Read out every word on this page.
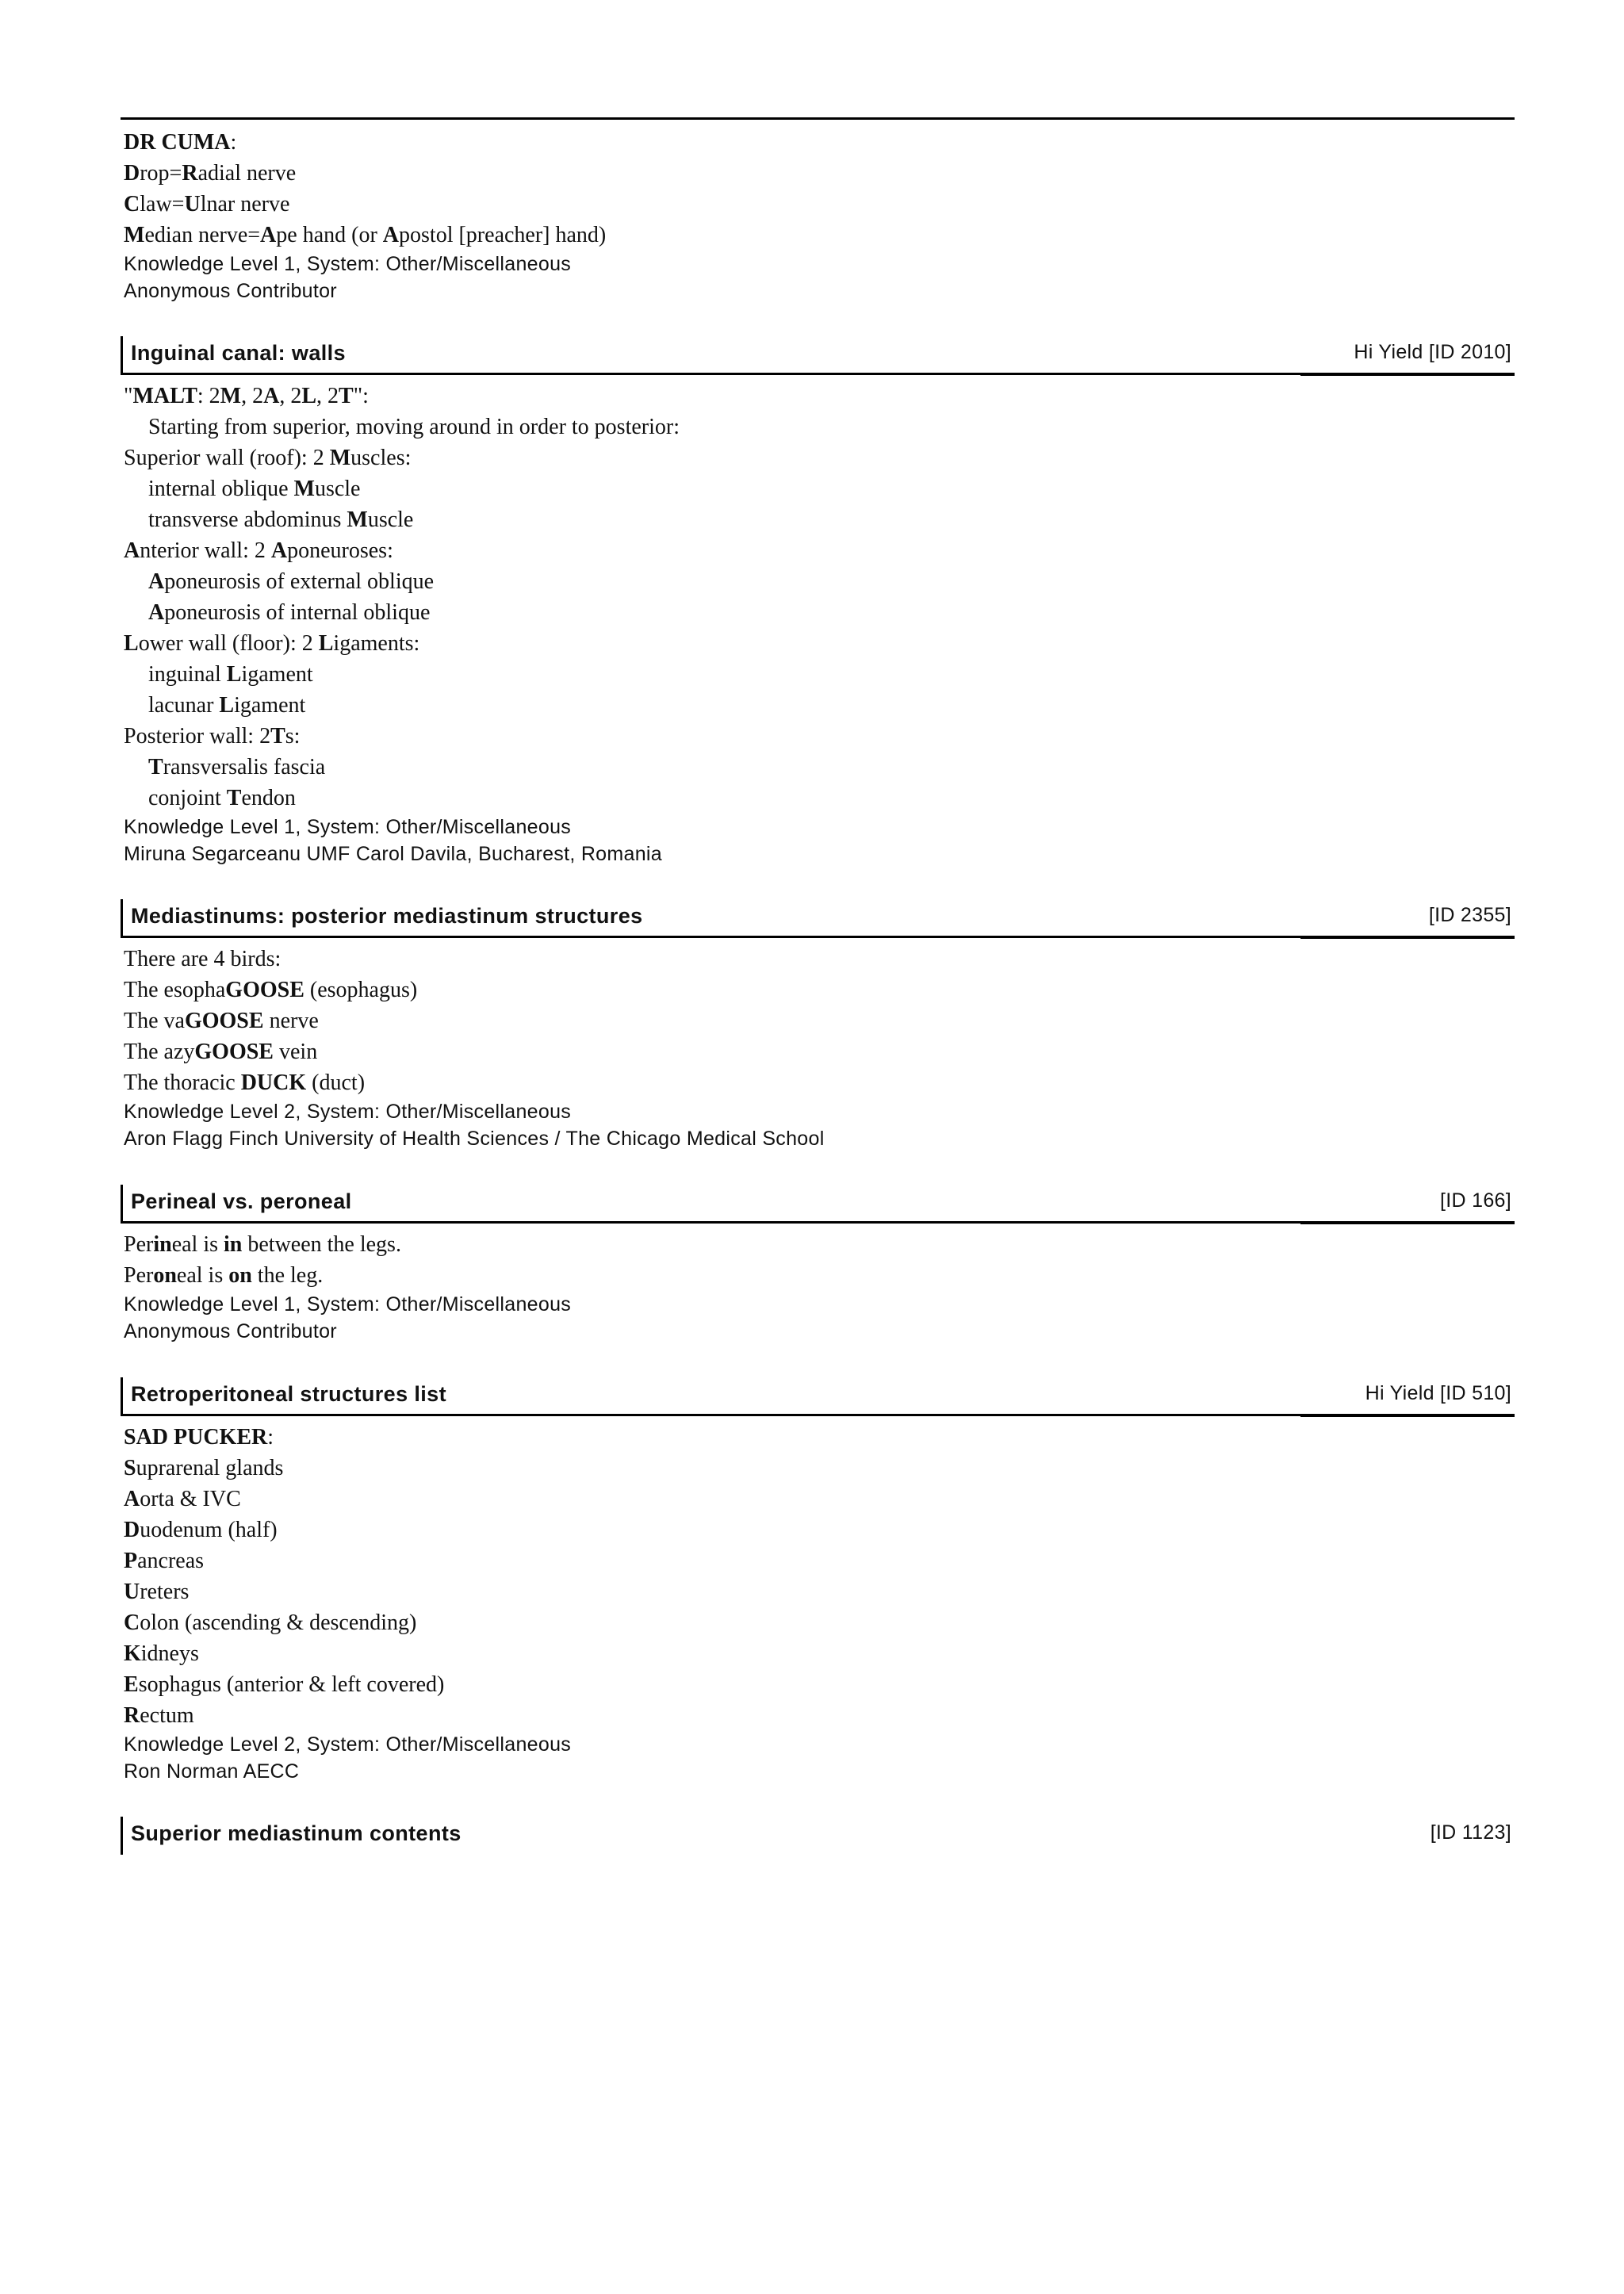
DR CUMA:
Drop=Radial nerve
Claw=Ulnar nerve
Median nerve=Ape hand (or Apostol [preacher] hand)
Knowledge Level 1, System: Other/Miscellaneous
Anonymous Contributor
Inguinal canal: walls	Hi Yield [ID 2010]
"MALT: 2M, 2A, 2L, 2T":
Starting from superior, moving around in order to posterior:
Superior wall (roof): 2 Muscles:
internal oblique Muscle
transverse abdominus Muscle
Anterior wall: 2 Aponeuroses:
Aponeurosis of external oblique
Aponeurosis of internal oblique
Lower wall (floor): 2 Ligaments:
inguinal Ligament
lacunar Ligament
Posterior wall: 2Ts:
Transversalis fascia
conjoint Tendon
Knowledge Level 1, System: Other/Miscellaneous
Miruna Segarceanu UMF Carol Davila, Bucharest, Romania
Mediastinums: posterior mediastinum structures	[ID 2355]
There are 4 birds:
The esophaGOOSE (esophagus)
The vaGOOSE nerve
The azyGOOSE vein
The thoracic DUCK (duct)
Knowledge Level 2, System: Other/Miscellaneous
Aron Flagg Finch University of Health Sciences / The Chicago Medical School
Perineal vs. peroneal	[ID 166]
Perineal is in between the legs.
Peroneal is on the leg.
Knowledge Level 1, System: Other/Miscellaneous
Anonymous Contributor
Retroperitoneal structures list	Hi Yield [ID 510]
SAD PUCKER:
Suprarenal glands
Aorta & IVC
Duodenum (half)
Pancreas
Ureters
Colon (ascending & descending)
Kidneys
Esophagus (anterior & left covered)
Rectum
Knowledge Level 2, System: Other/Miscellaneous
Ron Norman AECC
Superior mediastinum contents	[ID 1123]
